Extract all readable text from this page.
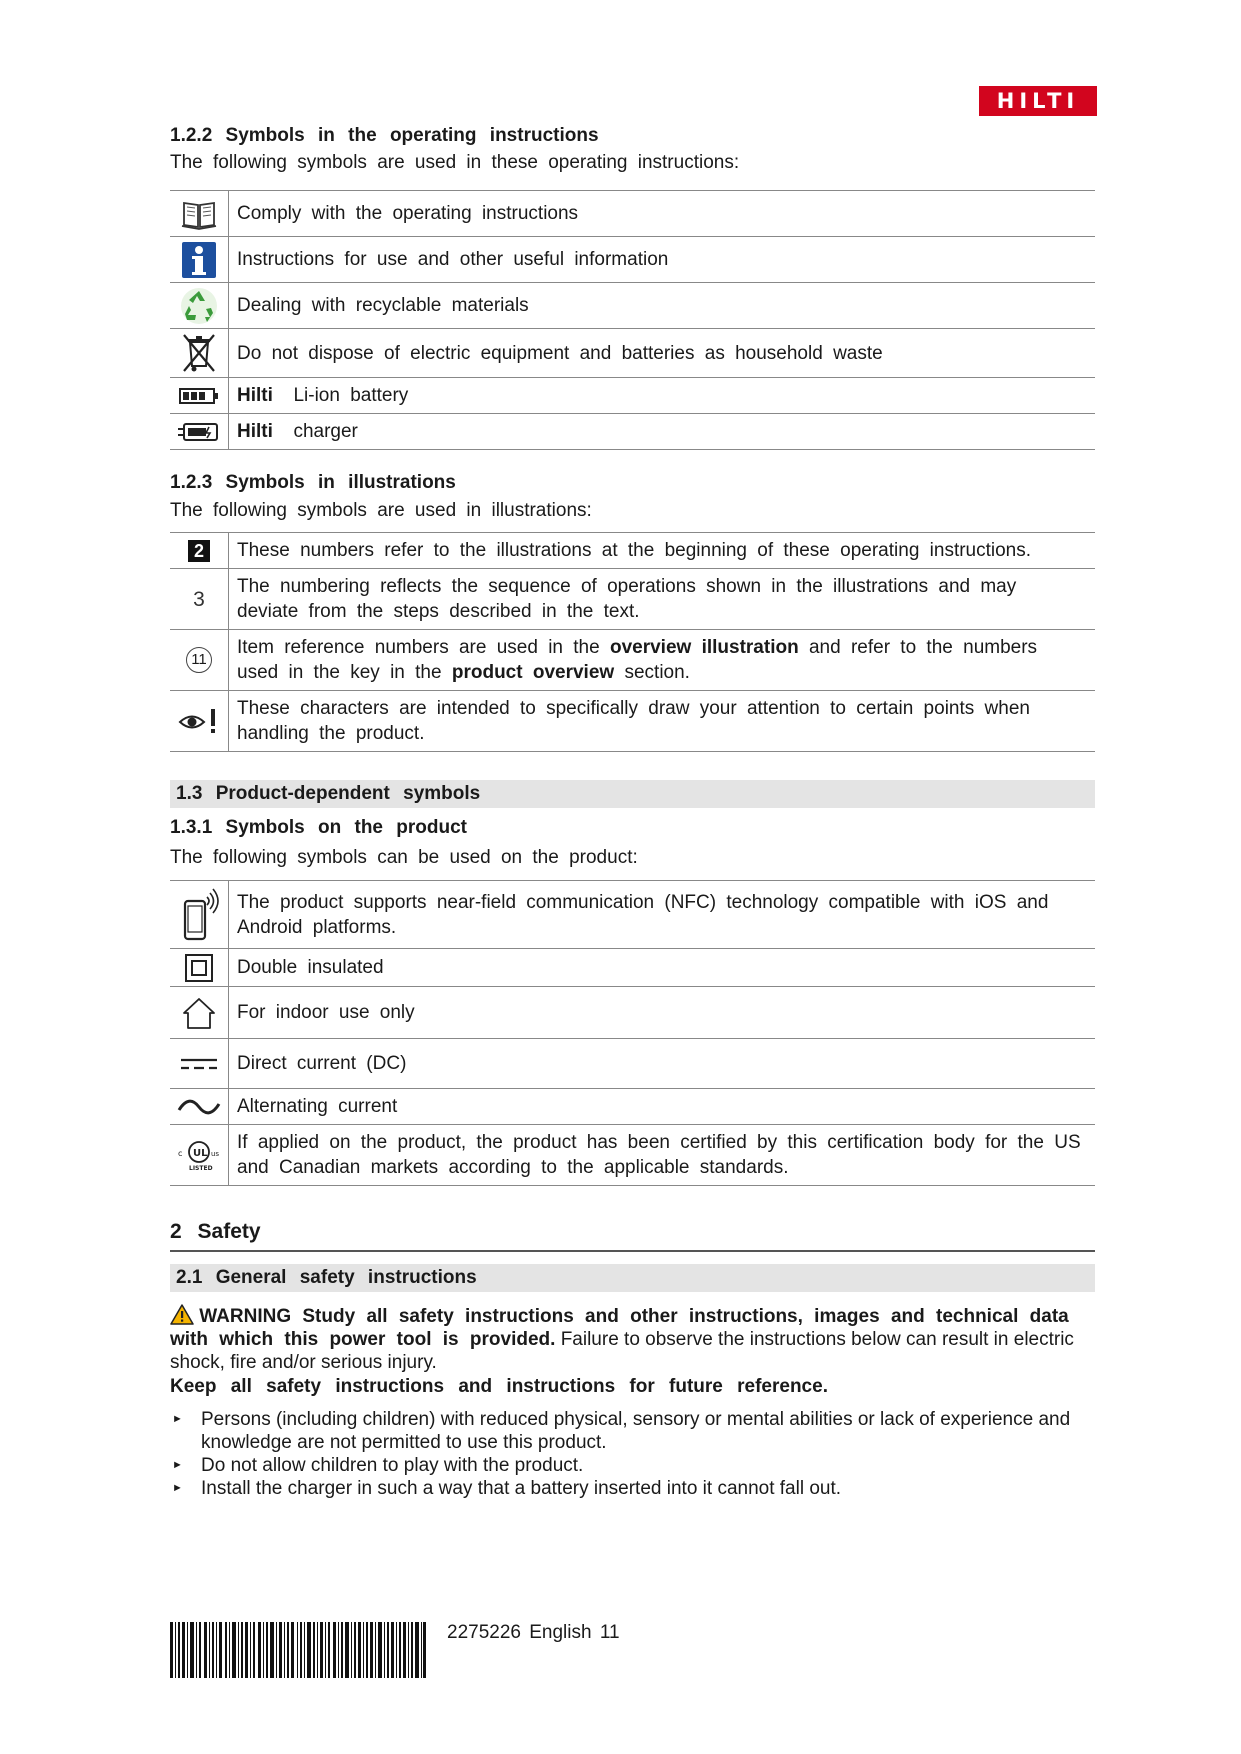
HILTI
1.2.2 Symbols in the operating instructions

The following symbols are used in these operating instructions:

	Comply with the operating instructions

	Instructions for use and other useful information

	Dealing with recyclable materials

	Do not dispose of electric equipment and batteries as household waste

	Hilti Li-ion battery

	Hilti charger
1.2.3 Symbols in illustrations

The following symbols are used in illustrations:

2	These numbers refer to the illustrations at the beginning of these operating instructions.

3	The numbering reflects the sequence of operations shown in the illustrations and may deviate from the steps described in the text.

11	Item reference numbers are used in the overview illustration and refer to the numbers used in the key in the product overview section.

	These characters are intended to specifically draw your attention to certain points when handling the product.
1.3 Product-dependent symbols
1.3.1 Symbols on the product

The following symbols can be used on the product:

	The product supports near-field communication (NFC) technology compatible with iOS and Android platforms.

	Double insulated

	For indoor use only

	Direct current (DC)

	Alternating current

c UL us
LISTED	If applied on the product, the product has been certified by this certification body for the US and Canadian markets according to the applicable standards.
2 Safety
2.1 General safety instructions
WARNING Study all safety instructions and other instructions, images and technical data with which this power tool is provided. Failure to observe the instructions below can result in electric shock, fire and/or serious injury.

Keep all safety instructions and instructions for future reference.

► Persons (including children) with reduced physical, sensory or mental abilities or lack of experience and knowledge are not permitted to use this product.
► Do not allow children to play with the product.
► Install the charger in such a way that a battery inserted into it cannot fall out.
2275226 English 11
